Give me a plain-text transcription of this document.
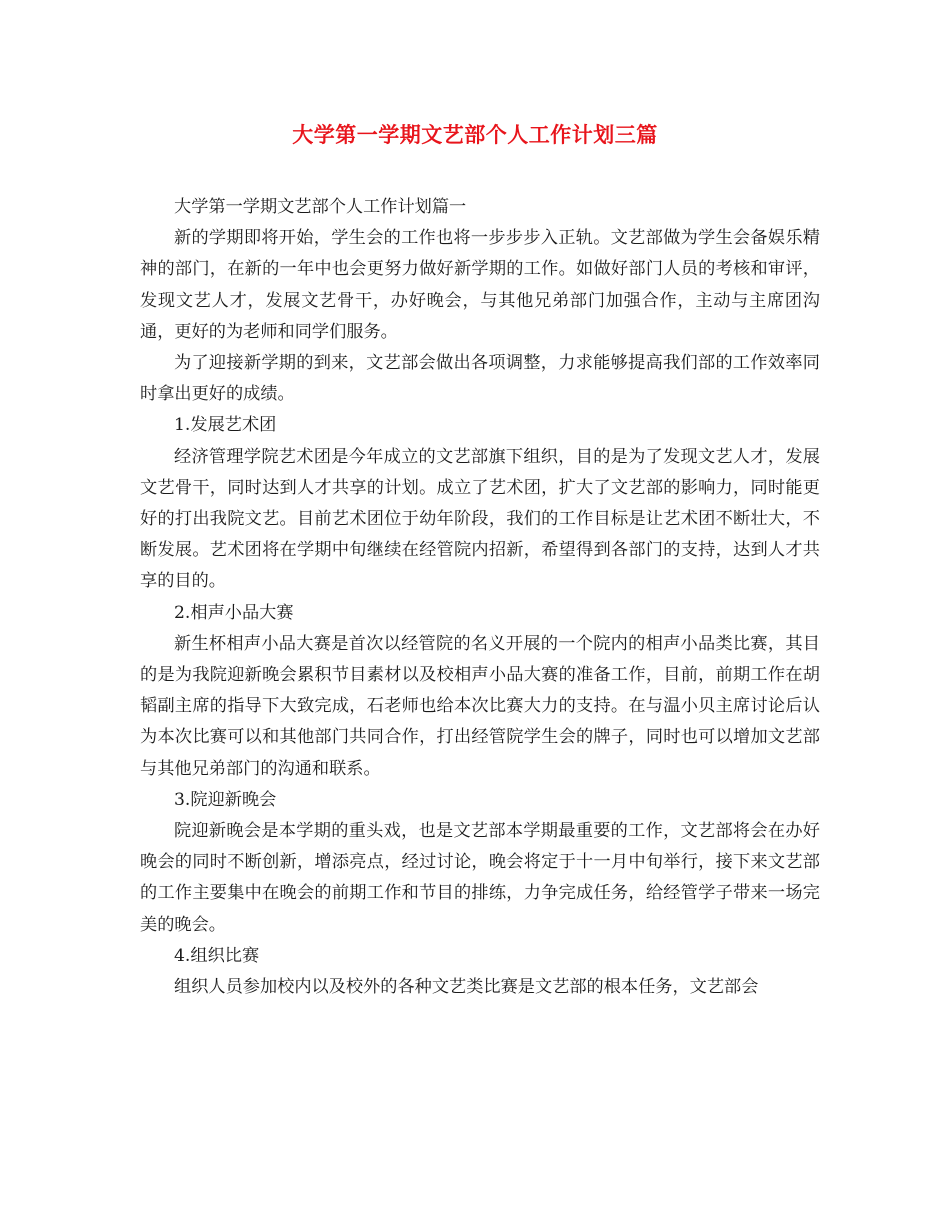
大学第一学期文艺部个人工作计划三篇

大学第一学期文艺部个人工作计划篇一

新的学期即将开始，学生会的工作也将一步步步入正轨。文艺部做为学生会备娱乐精神的部门，在新的一年中也会更努力做好新学期的工作。如做好部门人员的考核和审评，发现文艺人才，发展文艺骨干，办好晚会，与其他兄弟部门加强合作，主动与主席团沟通，更好的为老师和同学们服务。

为了迎接新学期的到来，文艺部会做出各项调整，力求能够提高我们部的工作效率同时拿出更好的成绩。

1.发展艺术团

经济管理学院艺术团是今年成立的文艺部旗下组织，目的是为了发现文艺人才，发展文艺骨干，同时达到人才共享的计划。成立了艺术团，扩大了文艺部的影响力，同时能更好的打出我院文艺。目前艺术团位于幼年阶段，我们的工作目标是让艺术团不断壮大，不断发展。艺术团将在学期中旬继续在经管院内招新，希望得到各部门的支持，达到人才共享的目的。

2.相声小品大赛

新生杯相声小品大赛是首次以经管院的名义开展的一个院内的相声小品类比赛，其目的是为我院迎新晚会累积节目素材以及校相声小品大赛的准备工作，目前，前期工作在胡韬副主席的指导下大致完成，石老师也给本次比赛大力的支持。在与温小贝主席讨论后认为本次比赛可以和其他部门共同合作，打出经管院学生会的牌子，同时也可以增加文艺部与其他兄弟部门的沟通和联系。

3.院迎新晚会

院迎新晚会是本学期的重头戏，也是文艺部本学期最重要的工作，文艺部将会在办好晚会的同时不断创新，增添亮点，经过讨论，晚会将定于十一月中旬举行，接下来文艺部的工作主要集中在晚会的前期工作和节目的排练，力争完成任务，给经管学子带来一场完美的晚会。

4.组织比赛

组织人员参加校内以及校外的各种文艺类比赛是文艺部的根本任务，文艺部会
